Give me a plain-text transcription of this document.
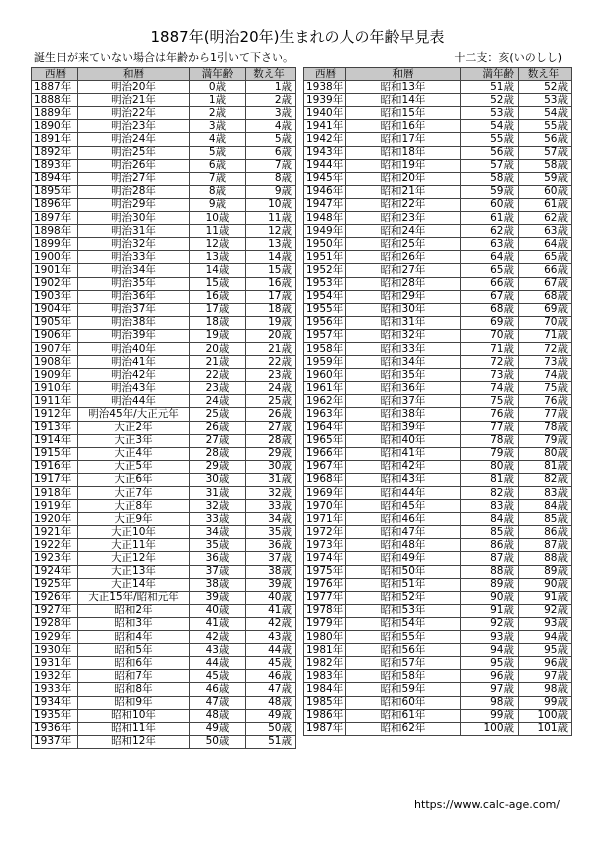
1887年(明治20年)生まれの人の年齢早見表
誕生日が来ていない場合は年齢から1引いて下さい。	十二支：亥(いのしし)
西暦	和暦	満年齢	数え年
1887年	明治20年	0歳	1歳
1888年	明治21年	1歳	2歳
1889年	明治22年	2歳	3歳
1890年	明治23年	3歳	4歳
1891年	明治24年	4歳	5歳
1892年	明治25年	5歳	6歳
1893年	明治26年	6歳	7歳
1894年	明治27年	7歳	8歳
1895年	明治28年	8歳	9歳
1896年	明治29年	9歳	10歳
1897年	明治30年	10歳	11歳
1898年	明治31年	11歳	12歳
1899年	明治32年	12歳	13歳
1900年	明治33年	13歳	14歳
1901年	明治34年	14歳	15歳
1902年	明治35年	15歳	16歳
1903年	明治36年	16歳	17歳
1904年	明治37年	17歳	18歳
1905年	明治38年	18歳	19歳
1906年	明治39年	19歳	20歳
1907年	明治40年	20歳	21歳
1908年	明治41年	21歳	22歳
1909年	明治42年	22歳	23歳
1910年	明治43年	23歳	24歳
1911年	明治44年	24歳	25歳
1912年	明治45年/大正元年	25歳	26歳
1913年	大正2年	26歳	27歳
1914年	大正3年	27歳	28歳
1915年	大正4年	28歳	29歳
1916年	大正5年	29歳	30歳
1917年	大正6年	30歳	31歳
1918年	大正7年	31歳	32歳
1919年	大正8年	32歳	33歳
1920年	大正9年	33歳	34歳
1921年	大正10年	34歳	35歳
1922年	大正11年	35歳	36歳
1923年	大正12年	36歳	37歳
1924年	大正13年	37歳	38歳
1925年	大正14年	38歳	39歳
1926年	大正15年/昭和元年	39歳	40歳
1927年	昭和2年	40歳	41歳
1928年	昭和3年	41歳	42歳
1929年	昭和4年	42歳	43歳
1930年	昭和5年	43歳	44歳
1931年	昭和6年	44歳	45歳
1932年	昭和7年	45歳	46歳
1933年	昭和8年	46歳	47歳
1934年	昭和9年	47歳	48歳
1935年	昭和10年	48歳	49歳
1936年	昭和11年	49歳	50歳
1937年	昭和12年	50歳	51歳
西暦	和暦	満年齢	数え年
1938年	昭和13年	51歳	52歳
1939年	昭和14年	52歳	53歳
1940年	昭和15年	53歳	54歳
1941年	昭和16年	54歳	55歳
1942年	昭和17年	55歳	56歳
1943年	昭和18年	56歳	57歳
1944年	昭和19年	57歳	58歳
1945年	昭和20年	58歳	59歳
1946年	昭和21年	59歳	60歳
1947年	昭和22年	60歳	61歳
1948年	昭和23年	61歳	62歳
1949年	昭和24年	62歳	63歳
1950年	昭和25年	63歳	64歳
1951年	昭和26年	64歳	65歳
1952年	昭和27年	65歳	66歳
1953年	昭和28年	66歳	67歳
1954年	昭和29年	67歳	68歳
1955年	昭和30年	68歳	69歳
1956年	昭和31年	69歳	70歳
1957年	昭和32年	70歳	71歳
1958年	昭和33年	71歳	72歳
1959年	昭和34年	72歳	73歳
1960年	昭和35年	73歳	74歳
1961年	昭和36年	74歳	75歳
1962年	昭和37年	75歳	76歳
1963年	昭和38年	76歳	77歳
1964年	昭和39年	77歳	78歳
1965年	昭和40年	78歳	79歳
1966年	昭和41年	79歳	80歳
1967年	昭和42年	80歳	81歳
1968年	昭和43年	81歳	82歳
1969年	昭和44年	82歳	83歳
1970年	昭和45年	83歳	84歳
1971年	昭和46年	84歳	85歳
1972年	昭和47年	85歳	86歳
1973年	昭和48年	86歳	87歳
1974年	昭和49年	87歳	88歳
1975年	昭和50年	88歳	89歳
1976年	昭和51年	89歳	90歳
1977年	昭和52年	90歳	91歳
1978年	昭和53年	91歳	92歳
1979年	昭和54年	92歳	93歳
1980年	昭和55年	93歳	94歳
1981年	昭和56年	94歳	95歳
1982年	昭和57年	95歳	96歳
1983年	昭和58年	96歳	97歳
1984年	昭和59年	97歳	98歳
1985年	昭和60年	98歳	99歳
1986年	昭和61年	99歳	100歳
1987年	昭和62年	100歳	101歳
https://www.calc-age.com/
